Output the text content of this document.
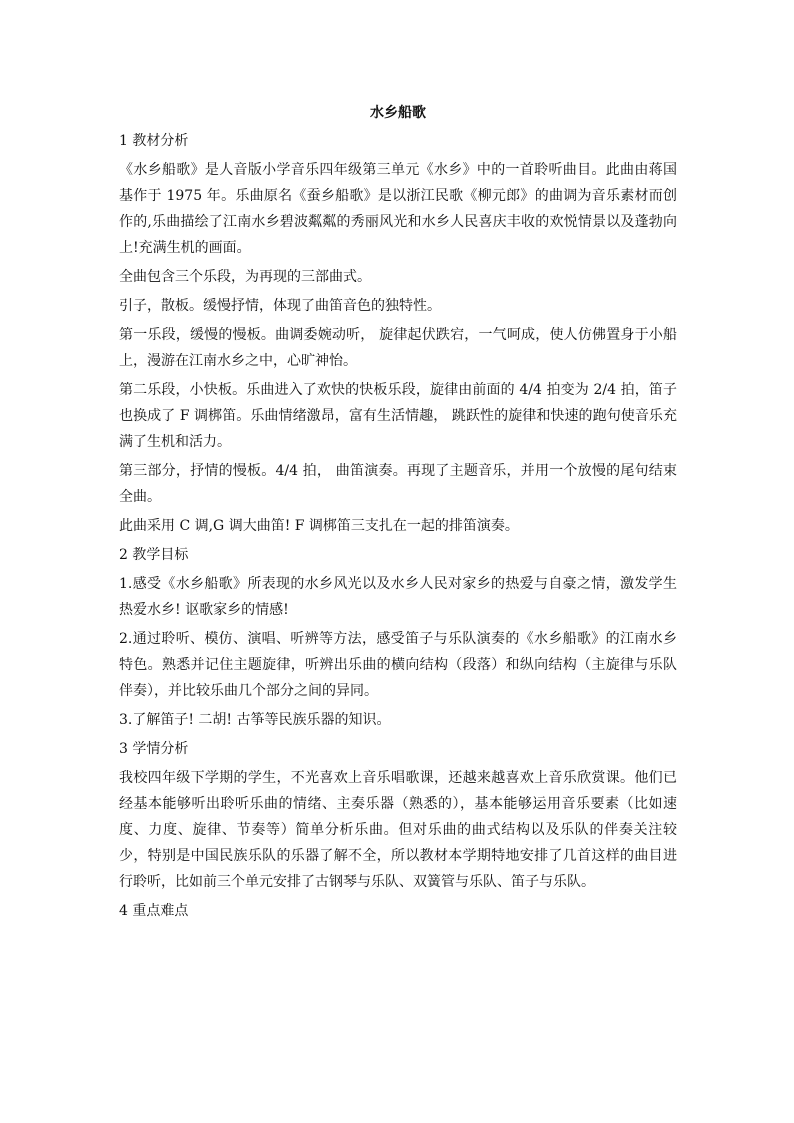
水乡船歌
1 教材分析
《水乡船歌》是人音版小学音乐四年级第三单元《水乡》中的一首聆听曲目。此曲由蒋国基作于 1975 年。乐曲原名《蚕乡船歌》是以浙江民歌《柳元郎》的曲调为音乐素材而创作的,乐曲描绘了江南水乡碧波粼粼的秀丽风光和水乡人民喜庆丰收的欢悦情景以及蓬勃向上!充满生机的画面。
全曲包含三个乐段，为再现的三部曲式。
引子，散板。缓慢抒情，体现了曲笛音色的独特性。
第一乐段，缓慢的慢板。曲调委婉动听， 旋律起伏跌宕，一气呵成，使人仿佛置身于小船上，漫游在江南水乡之中，心旷神怡。
第二乐段，小快板。乐曲进入了欢快的快板乐段，旋律由前面的 4/4 拍变为 2/4 拍，笛子也换成了 F 调梆笛。乐曲情绪激昂，富有生活情趣， 跳跃性的旋律和快速的跑句使音乐充满了生机和活力。
第三部分，抒情的慢板。4/4 拍， 曲笛演奏。再现了主题音乐，并用一个放慢的尾句结束全曲。
此曲采用 C 调,G 调大曲笛! F 调梆笛三支扎在一起的排笛演奏。
2 教学目标
1.感受《水乡船歌》所表现的水乡风光以及水乡人民对家乡的热爱与自豪之情，激发学生热爱水乡! 讴歌家乡的情感!
2.通过聆听、模仿、演唱、听辨等方法，感受笛子与乐队演奏的《水乡船歌》的江南水乡特色。熟悉并记住主题旋律，听辨出乐曲的横向结构（段落）和纵向结构（主旋律与乐队伴奏），并比较乐曲几个部分之间的异同。
3.了解笛子! 二胡! 古筝等民族乐器的知识。
3 学情分析
我校四年级下学期的学生，不光喜欢上音乐唱歌课，还越来越喜欢上音乐欣赏课。他们已经基本能够听出聆听乐曲的情绪、主奏乐器（熟悉的），基本能够运用音乐要素（比如速度、力度、旋律、节奏等）简单分析乐曲。但对乐曲的曲式结构以及乐队的伴奏关注较少，特别是中国民族乐队的乐器了解不全，所以教材本学期特地安排了几首这样的曲目进行聆听，比如前三个单元安排了古钢琴与乐队、双簧管与乐队、笛子与乐队。
4 重点难点
